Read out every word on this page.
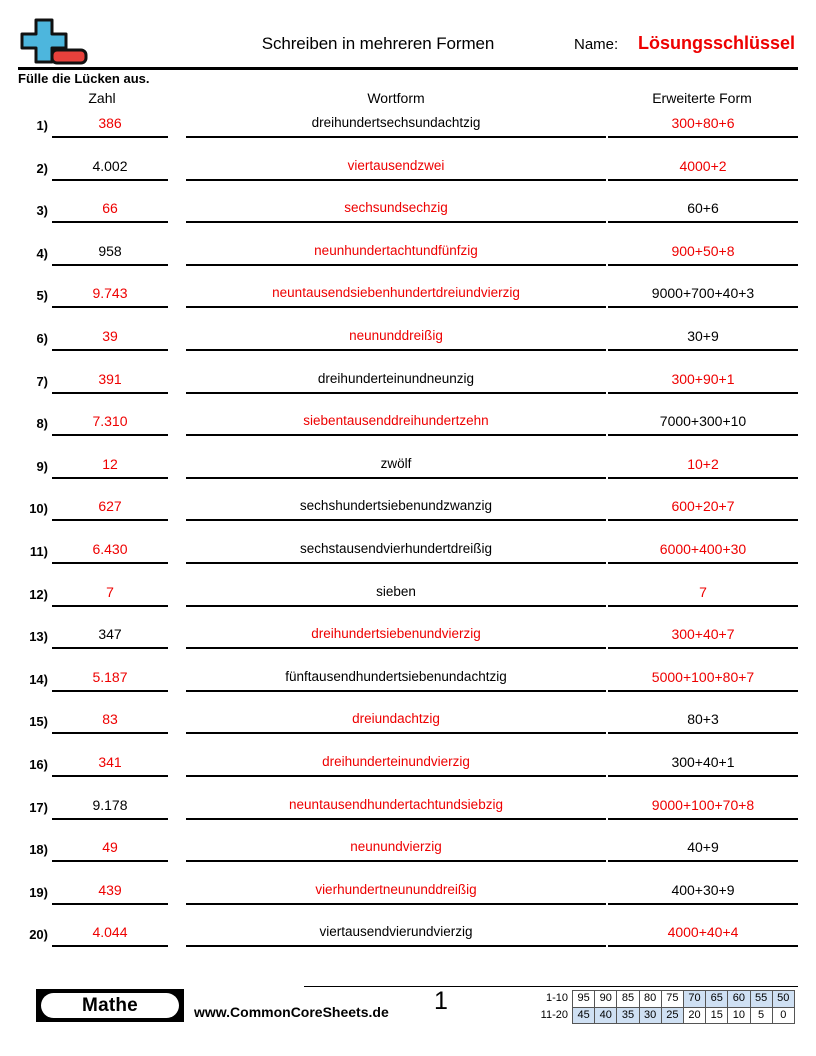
Schreiben in mehreren Formen	Name: Lösungsschlüssel
Fülle die Lücken aus.
Zahl	Wortform	Erweiterte Form
1)	386	dreihundertsechsundachtzig	300+80+6
2)	4.002	viertausendzwei	4000+2
3)	66	sechsundsechzig	60+6
4)	958	neunhundertachtundfünfzig	900+50+8
5)	9.743	neuntausendsiebenhundertdreiundvierzig	9000+700+40+3
6)	39	neununddreißig	30+9
7)	391	dreihunderteinundneunzig	300+90+1
8)	7.310	siebentausenddreihundertzehn	7000+300+10
9)	12	zwölf	10+2
10)	627	sechshundertsiebenundzwanzig	600+20+7
11)	6.430	sechstausendvierhundertdreißig	6000+400+30
12)	7	sieben	7
13)	347	dreihundertsiebenundvierzig	300+40+7
14)	5.187	fünftausendhundertsiebenundachtzig	5000+100+80+7
15)	83	dreiundachtzig	80+3
16)	341	dreihunderteinundvierzig	300+40+1
17)	9.178	neuntausendhundertachtundsiebzig	9000+100+70+8
18)	49	neunundvierzig	40+9
19)	439	vierhundertneununddreißig	400+30+9
20)	4.044	viertausendvierundvierzig	4000+40+4
Mathe	www.CommonCoreSheets.de	1	1-10 95 90 85 80 75 70 65 60 55 50
11-20 45 40 35 30 25 20 15 10	5	0
